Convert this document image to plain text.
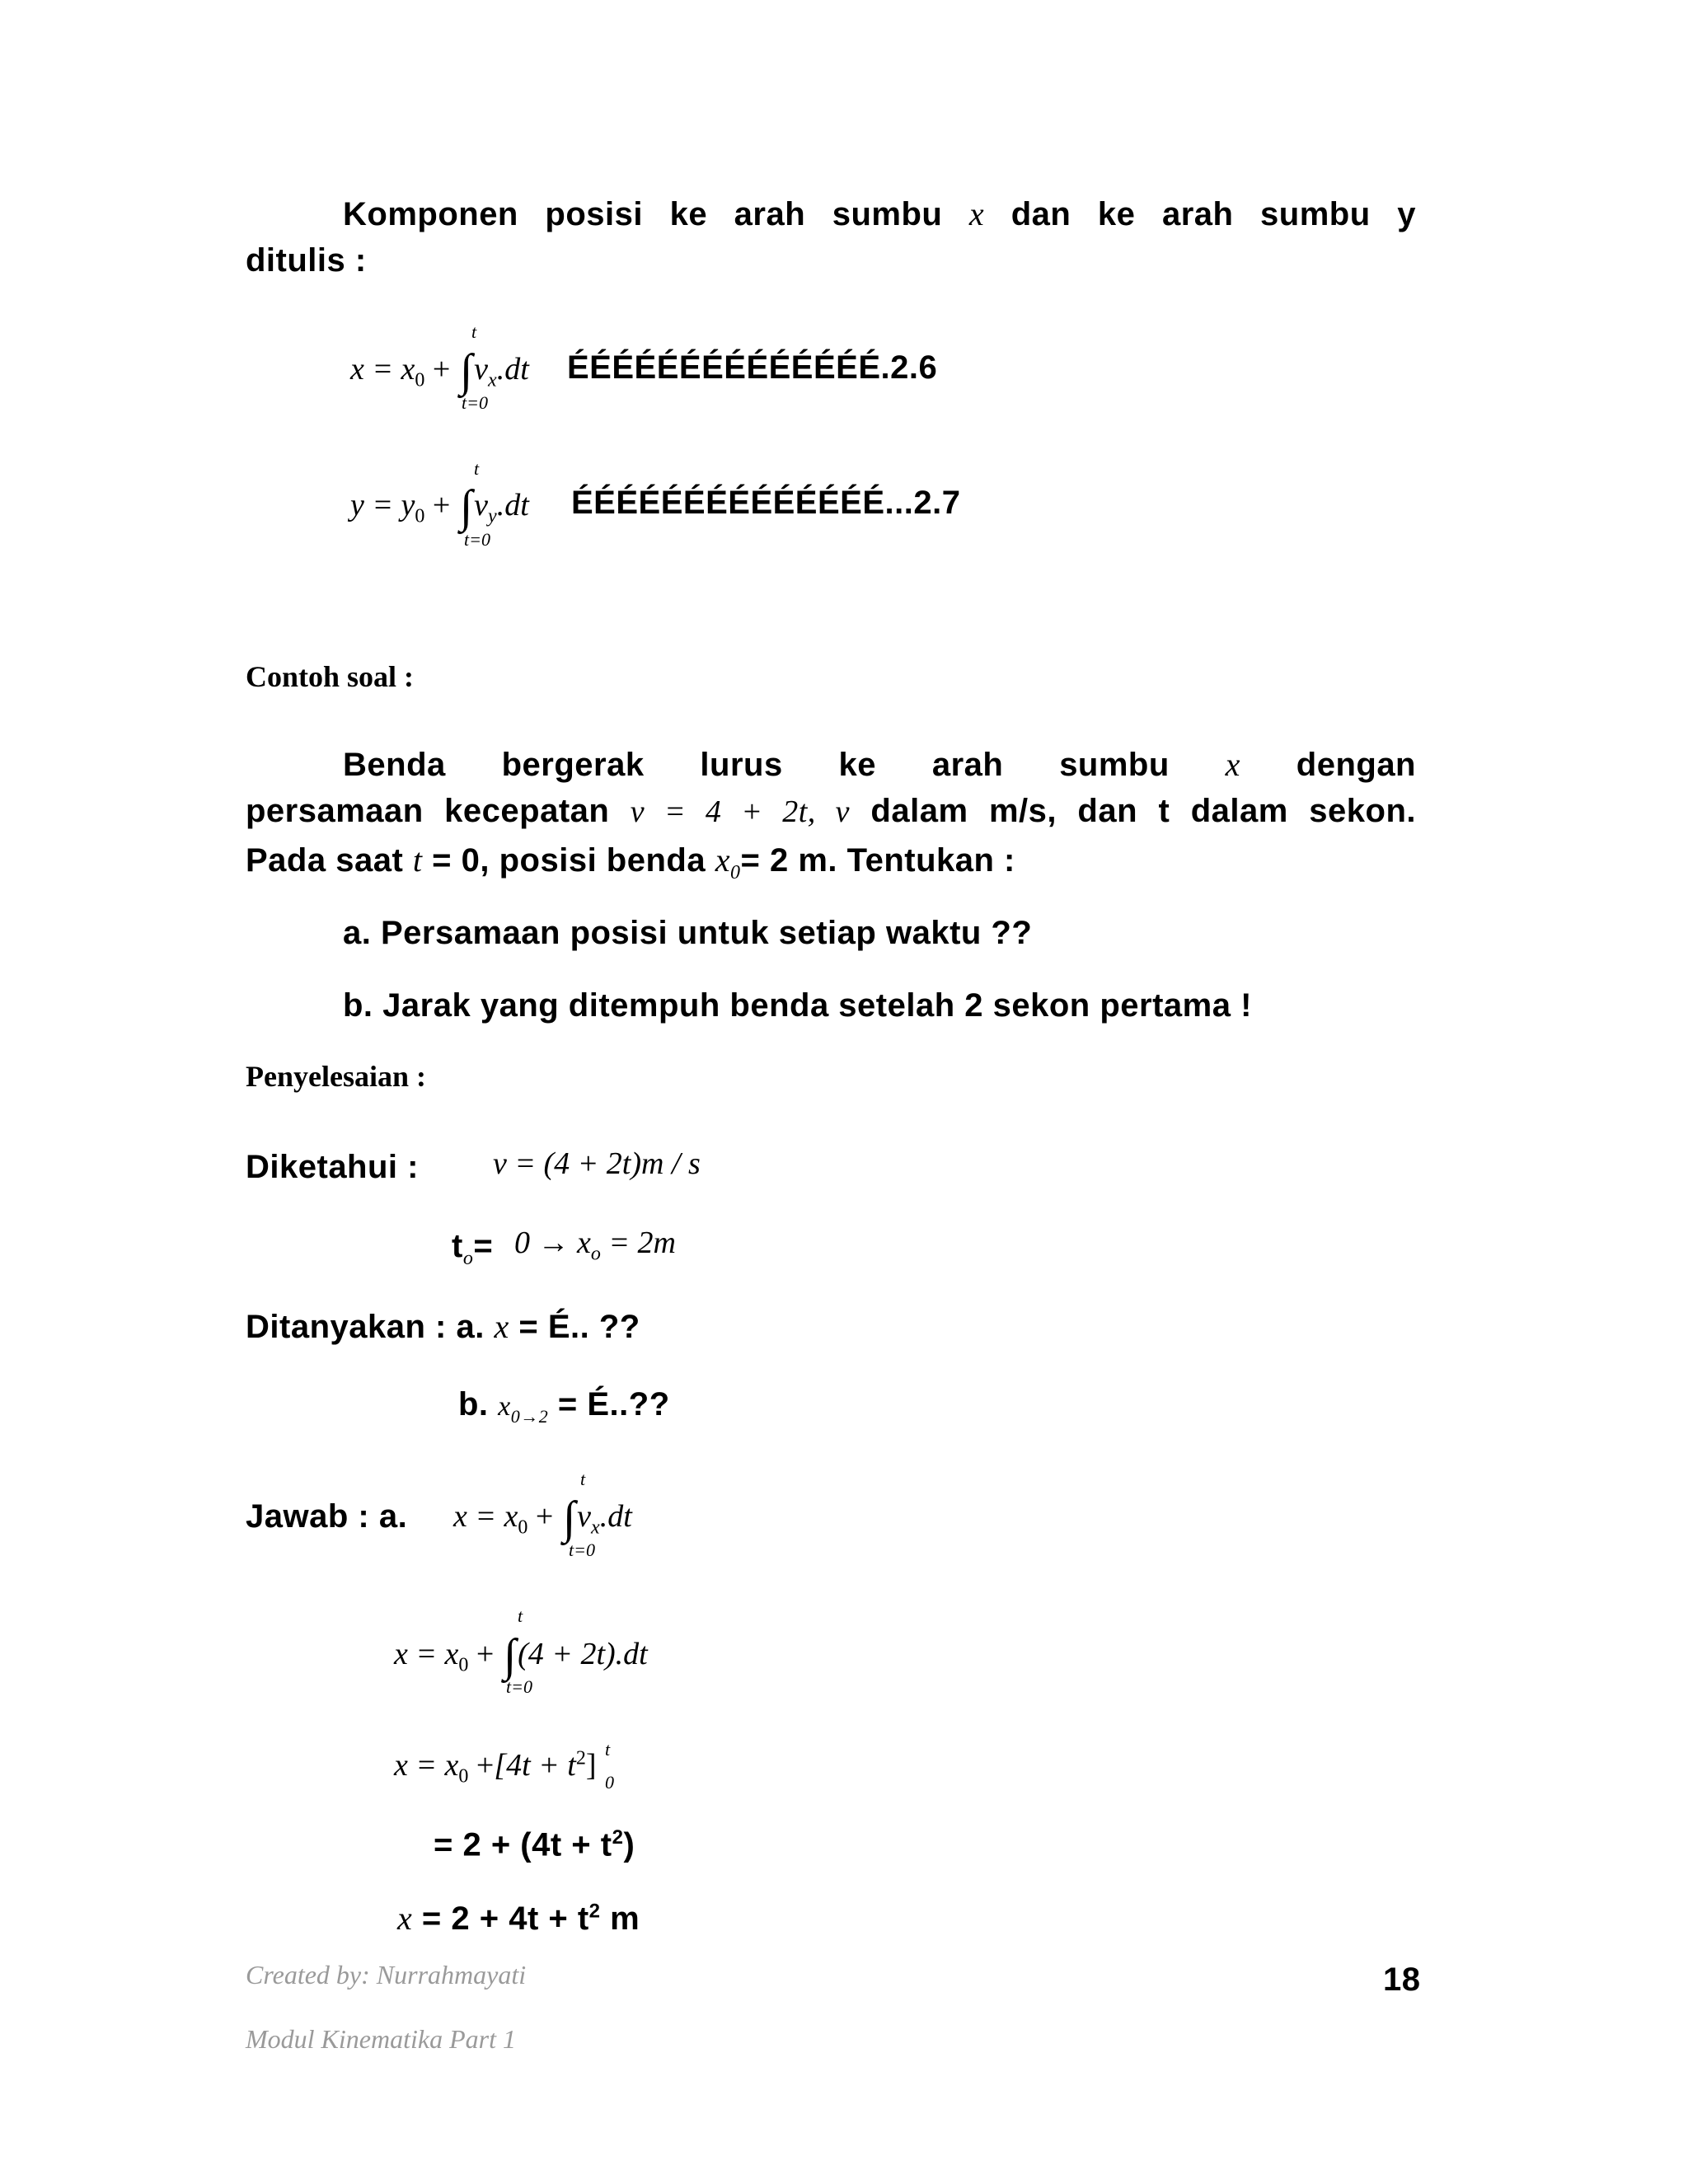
Komponen posisi ke arah sumbu x dan ke arah sumbu y
ditulis :
$x = x_0 + \int v_x.dt$
t
t=0
ÉÉÉÉÉÉÉÉÉÉÉÉÉÉ.2.6
$y = y_0 + \int v_y.dt$
t
t=0
ÉÉÉÉÉÉÉÉÉÉÉÉÉÉ...2.7
Contoh soal :
Benda bergerak lurus ke arah sumbu x dengan
persamaan kecepatan v = 4 + 2t, v dalam m/s, dan t dalam sekon.
Pada saat t = 0, posisi benda $x_0= 2$ m. Tentukan :
a. Persamaan posisi untuk setiap waktu ??
b. Jarak yang ditempuh benda setelah 2 sekon pertama !
Penyelesaian :
Diketahui : v = (4 + 2t)m / s
$t_o= 0 \to x_o = 2m$
Ditanyakan : a. x = É.. ??
b. $x_{0\to 2}$ = É..??
Jawab : a. $x = x_0 + \int v_x.dt$
t
t=0
$x = x_0 + \int(4 + 2t).dt$
t
t=0
$x = x_0 +[4t + t^2]$ t
0
= $2 + (4t + t^2)$
$x = 2 + 4t + t^2$ m
Created by: Nurrahmayati	18
Modul Kinematika Part 1
